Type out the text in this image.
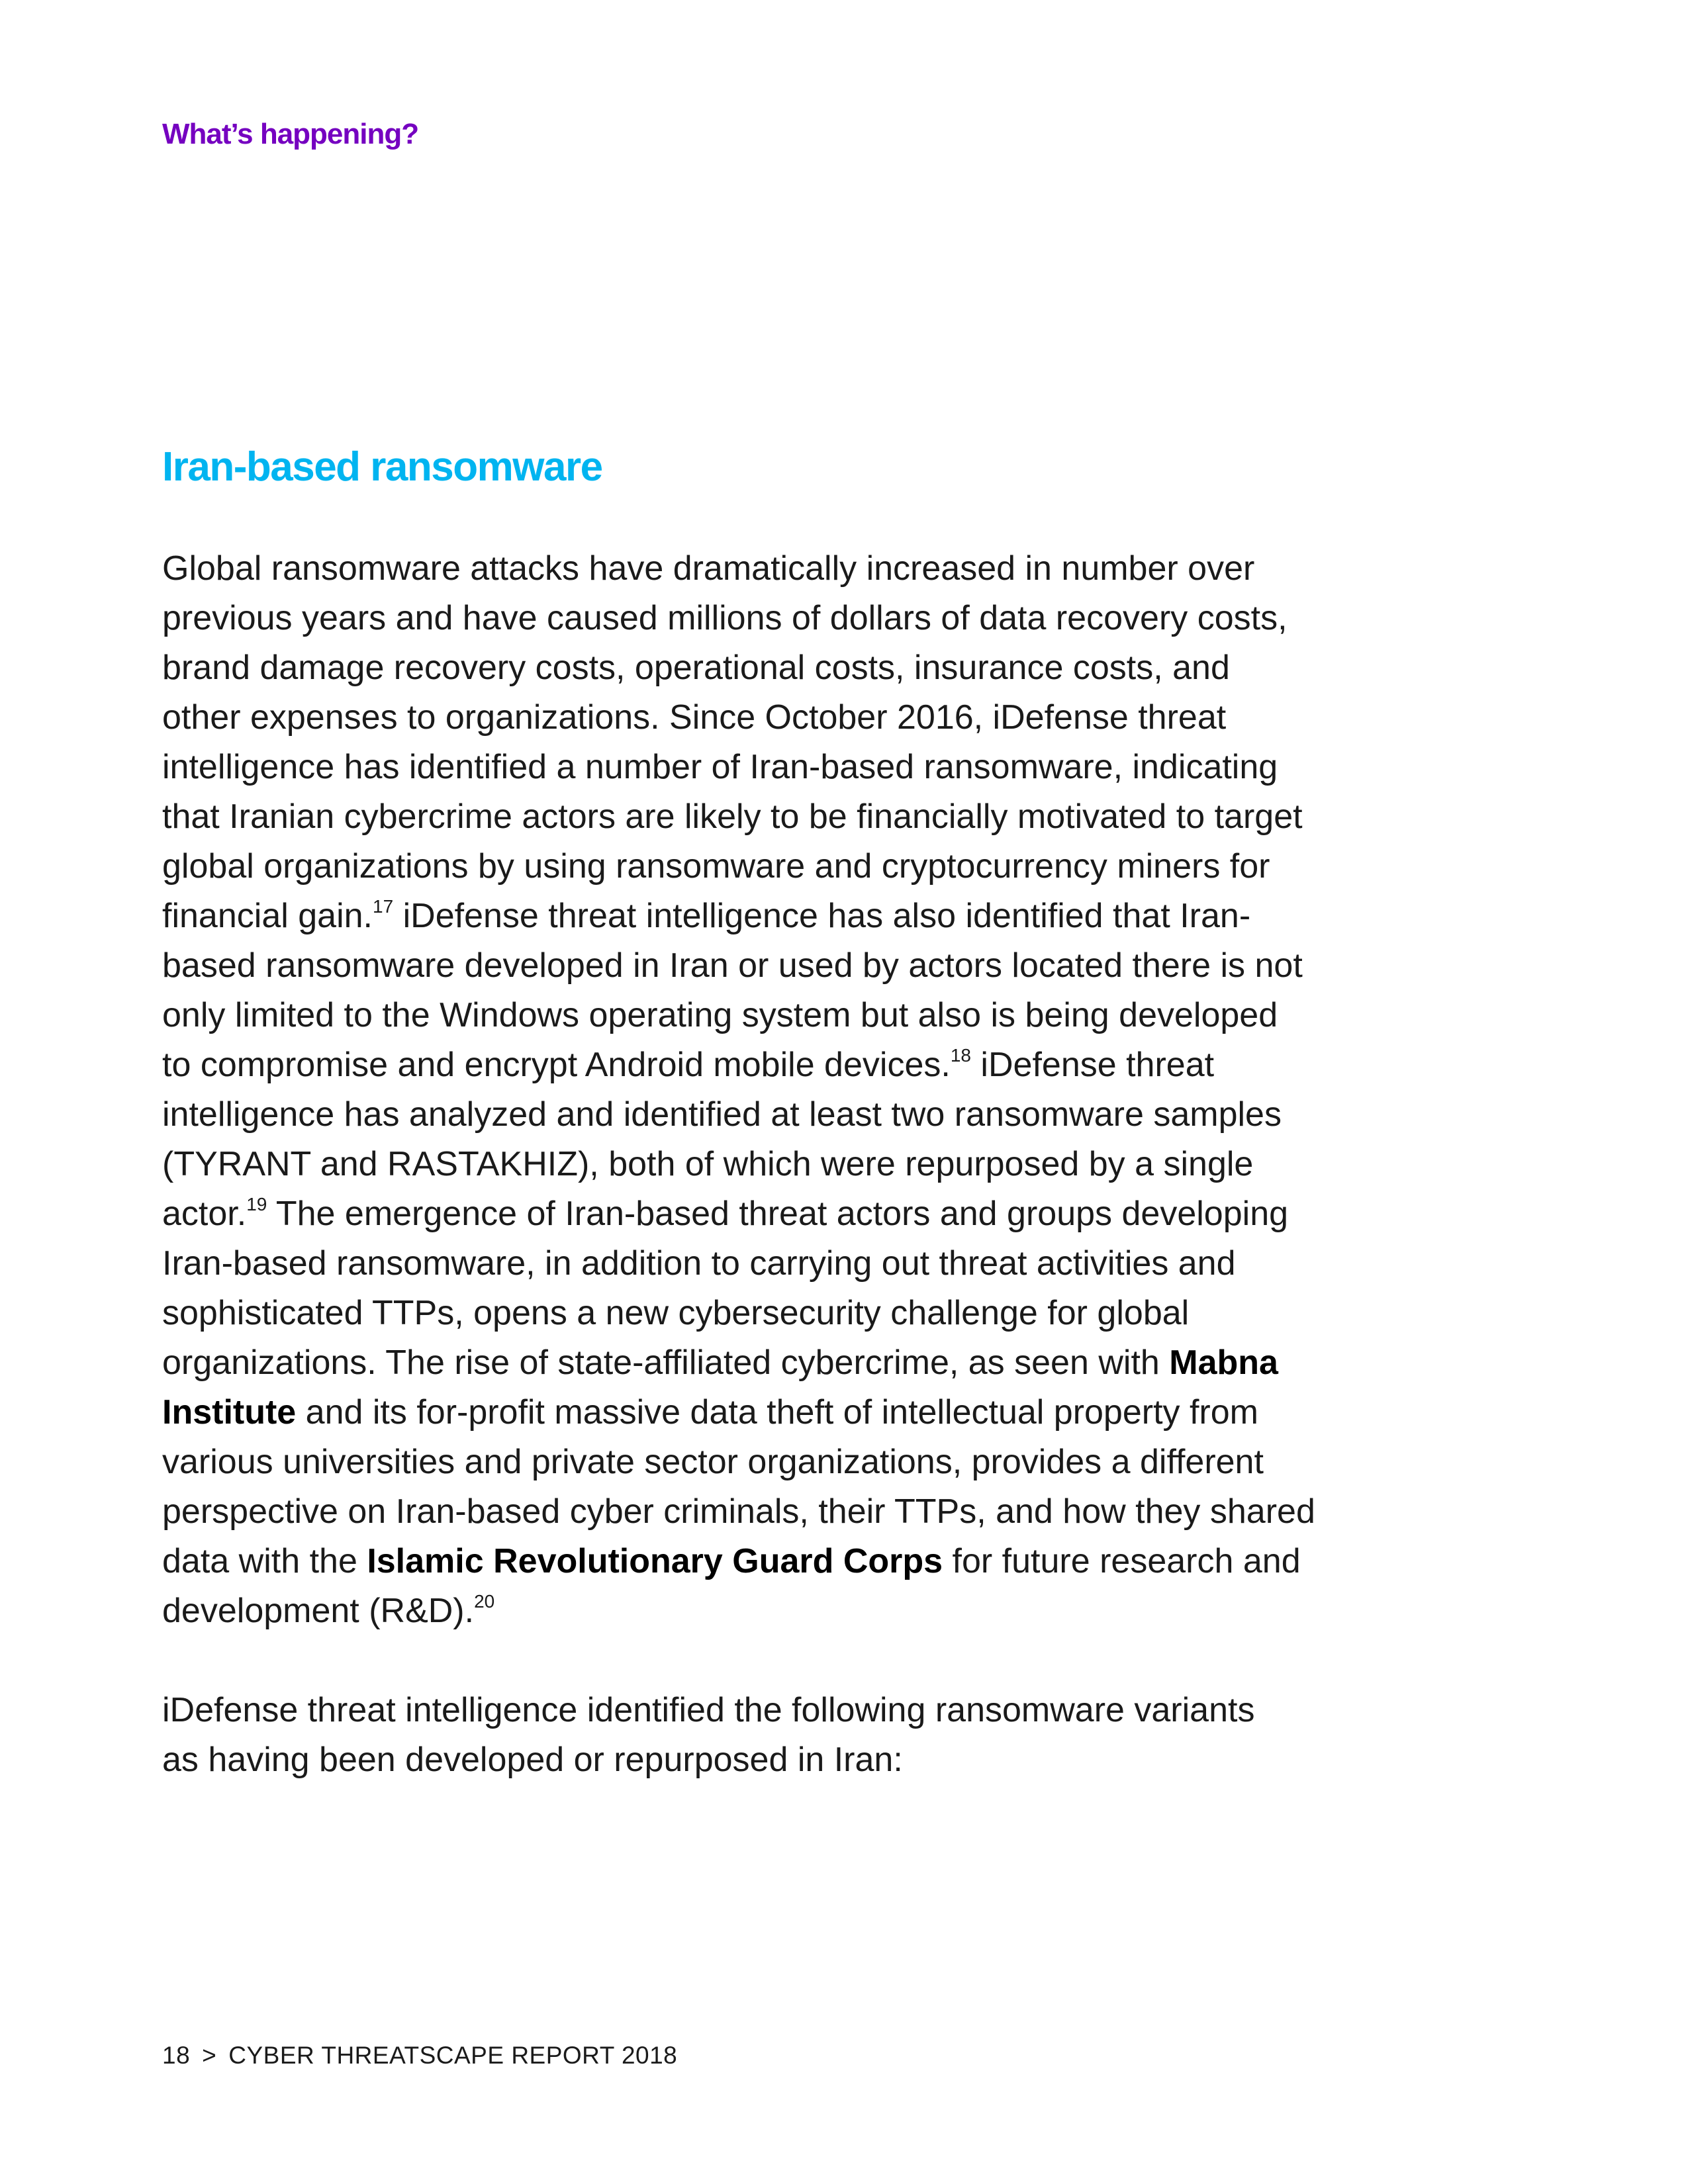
What’s happening?
Iran-based ransomware
Global ransomware attacks have dramatically increased in number over
previous years and have caused millions of dollars of data recovery costs,
brand damage recovery costs, operational costs, insurance costs, and
other expenses to organizations. Since October 2016, iDefense threat
intelligence has identified a number of Iran-based ransomware, indicating
that Iranian cybercrime actors are likely to be financially motivated to target
global organizations by using ransomware and cryptocurrency miners for
financial gain.$^{17}$ iDefense threat intelligence has also identified that Iran-
based ransomware developed in Iran or used by actors located there is not
only limited to the Windows operating system but also is being developed
to compromise and encrypt Android mobile devices.$^{18}$ iDefense threat
intelligence has analyzed and identified at least two ransomware samples
(TYRANT and RASTAKHIZ), both of which were repurposed by a single
actor.$^{19}$ The emergence of Iran-based threat actors and groups developing
Iran-based ransomware, in addition to carrying out threat activities and
sophisticated TTPs, opens a new cybersecurity challenge for global
organizations. The rise of state-affiliated cybercrime, as seen with Mabna
Institute and its for-profit massive data theft of intellectual property from
various universities and private sector organizations, provides a different
perspective on Iran-based cyber criminals, their TTPs, and how they shared
data with the Islamic Revolutionary Guard Corps for future research and
development (R&D).$^{20}$
iDefense threat intelligence identified the following ransomware variants
as having been developed or repurposed in Iran:
18 > CYBER THREATSCAPE REPORT 2018
